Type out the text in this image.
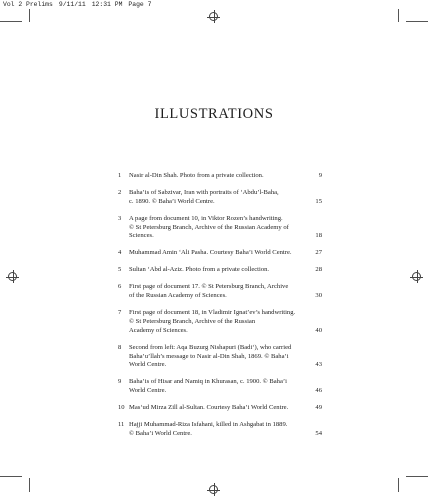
Vol 2 Prelims 9/11/11 12:31 PM Page 7
ILLUSTRATIONS
1	Nasir al-Din Shah. Photo from a private collection.	9
2	Baha’is of Sabzivar, Iran with portraits of ‘Abdu’l-Baha,
c. 1890. © Baha’i World Centre.	15
3	A page from document 10, in Viktor Rozen’s handwriting.
© St Petersburg Branch, Archive of the Russian Academy of
Sciences.	18
4	Muhammad Amin ‘Ali Pasha. Courtesy Baha’i World Centre.	27
5	Sultan ‘Abd al-Aziz. Photo from a private collection.	28
6	First page of document 17. © St Petersburg Branch, Archive
of the Russian Academy of Sciences.	30
7	First page of document 18, in Vladimir Ignat’ev’s handwriting.
© St Petersburg Branch, Archive of the Russian
Academy of Sciences.	40
8	Second from left: Aqa Buzurg Nishapuri (Badi‘), who carried
Baha’u’llah’s message to Nasir al-Din Shah, 1869. © Baha’i
World Centre.	43
9	Baha’is of Hisar and Namiq in Khurasan, c. 1900. © Baha’i
World Centre.	46
10 Mas‘ud Mirza Zill al-Sultan. Courtesy Baha’i World Centre.	49
11 Hajji Muhammad-Riza Isfahani, killed in Ashgabat in 1889.
© Baha’i World Centre.	54
